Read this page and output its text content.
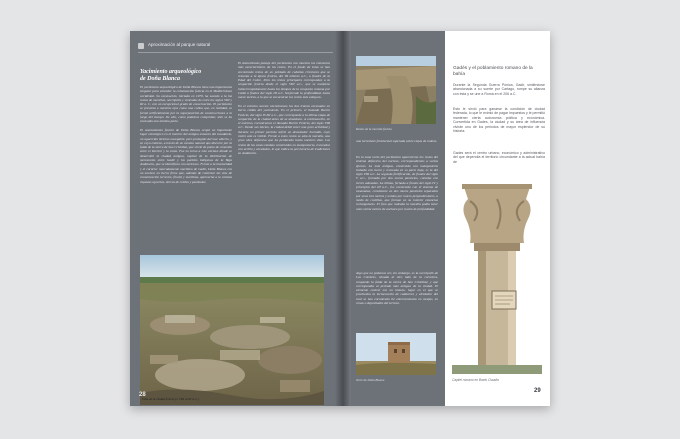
Aproximación al parque natural
Yacimiento arqueológico
de Doña Blanca
El yacimiento arqueológico de Doña Blanca tiene una importancia singular para entender la colonización fenicia en el Mediterráneo occidental. Su excavación, iniciada en 1979, ha sacado a la luz restos de murallas, necrópolis y viviendas de entre los siglos VIII y III a. C. con un excepcional grado de conservación. El yacimiento se presenta a nuestros ojos como una colina que, en realidad, se formó artificialmente por la superposición de construcciones a lo largo del tiempo. De ello, como podemos comprobar, sólo se ha excavado una mínima parte.

El asentamiento fenicio de Doña Blanca ocupó un importante lugar estratégico en el interior del antiguo estuario del Guadalete, un aguerrido término navegable, pero protegido del mar abierto, y en cuyo entorno, a través de un camino natural que discurre por la falda de la sierra de San Cristóbal, que sirvió de punto de conexión entre el interior y la costa. Fue en torno a este enclave donde se desarrolló la ciudad antigua, capital de la distribución de mercancías entre Gadir y los pueblos indígenas de la Baja Andalucía, que se identifican con tartessos. Frente a la insularidad y el carácter marcadamente marítimo de Gadir, Doña Blanca era un enclave en tierra firme que, además de controlar las vías de comunicación terrestre, fluvial y marítima, aprovecha a la colonia riquezas agrarias, tierras de cultivo y pastizales.
El domesticado paisaje del yacimiento nos muestra los elementos más característicos de los restos. En el fondo de éstas se han encontrado restos de un poblado de cabañas circulares que se remonta a la época fenicia, del III milenio a.C., a finales de la Edad del Cobre. Pero los restos principales corresponden a la ocupación fenicia desde el siglo VIII a.C., que se mantiene ininterrumpidamente hasta los tiempos de la conquista romana por Cádiz a finales del siglo III a.C. Sorprende la profundidad, hasta nueve metros, a la que se encuentran los restos más antiguos.

En el extremo sureste encontramos los dos tramos excavados en tierra cálida del yacimiento. En el primero, el llamado Barrio Fenicio, del siglo IV-III a.C., que corresponde a la última etapa de ocupación de la ciudad antes de su abandono. A continuación, en el extremo, encontramos el llamado Barrio Fenicio, del siglo VIII a.C. Desde sus inicios, la ciudad debió tener una gran actividad y durante un primer periodo sufrió un devastador incendio, cuyo rastro aún es visible. Frente a estos restos se alza la muralla, una gran obra defensiva que ha perdurado hasta nuestros días. Los restos de las casas estaban construidos en mampostería, revocados con arcilla y encalados, lo que indica la pervivencia de tradiciones en Andalucía.
Vista de la ciudad fenicia (s. VIII al III a.C.)
28
Restos de la muralla fenicia
una torreshere fenicia/sial superada sobre viejas de rodeos.
En la zona norte del yacimiento aparecieron los restos del sistema defensivo del enclave, correspondientes a varias épocas. La más antigua, construida con mampostería trabada con barro y revocada en su parte baja, es la del siglo VIII a.C. La segunda fortificación, de finales del siglo V a.C., formada por dos muros paralelos, contaba con torres adosadas. La última, fechada a finales del siglo IV y principios del III a.C., fue construida con el sistema de casamatas, consistente en dos muros paralelos separados por unos tres metros y unidos por muros perpendiculares, a modo de costillas, que forman en su interior estancias rectangulares. El foso que rodeaba la muralla podía tener unos veinte metros de anchura por cuatro de profundidad.
Algo que no podemos ver, sin embargo, es la necrópolis de Las Cumbres, situada al otro lado de la carretera, ocupando la falda de la sierra de San Cristóbal, y que correspondía al periodo más antiguo de la ciudad. El elemento central era un túmulo, lugar en el que se practicaba la incineración de cadáveres y alrededor del cual se han encontrado 62 enterramientos en vasijas, en urnas o depositados del terreno.
Torre de Doña Blanca
Gadés y el poblamiento romano de la bahía
Durante la Segunda Guerra Púnica, Gadir, sintiéndose abandonada a su suerte por Cartago, rompe su alianza con ésta y se une a Roma en el 206 a.C.
Esto le sirvió para ganarse la condición de ciudad federada, lo que le eximió de pagar impuestos y le permitió mantener cierta autonomía política y económica. Convertida en Gades, la ciudad y su área de influencia vivirán uno de los periodos de mayor esplendor de su historia.
Gades será el centro urbano, económico y administrativo del que dependía el territorio circundante a la actual bahía de
Capitel romano en Baelo Claudia
29
